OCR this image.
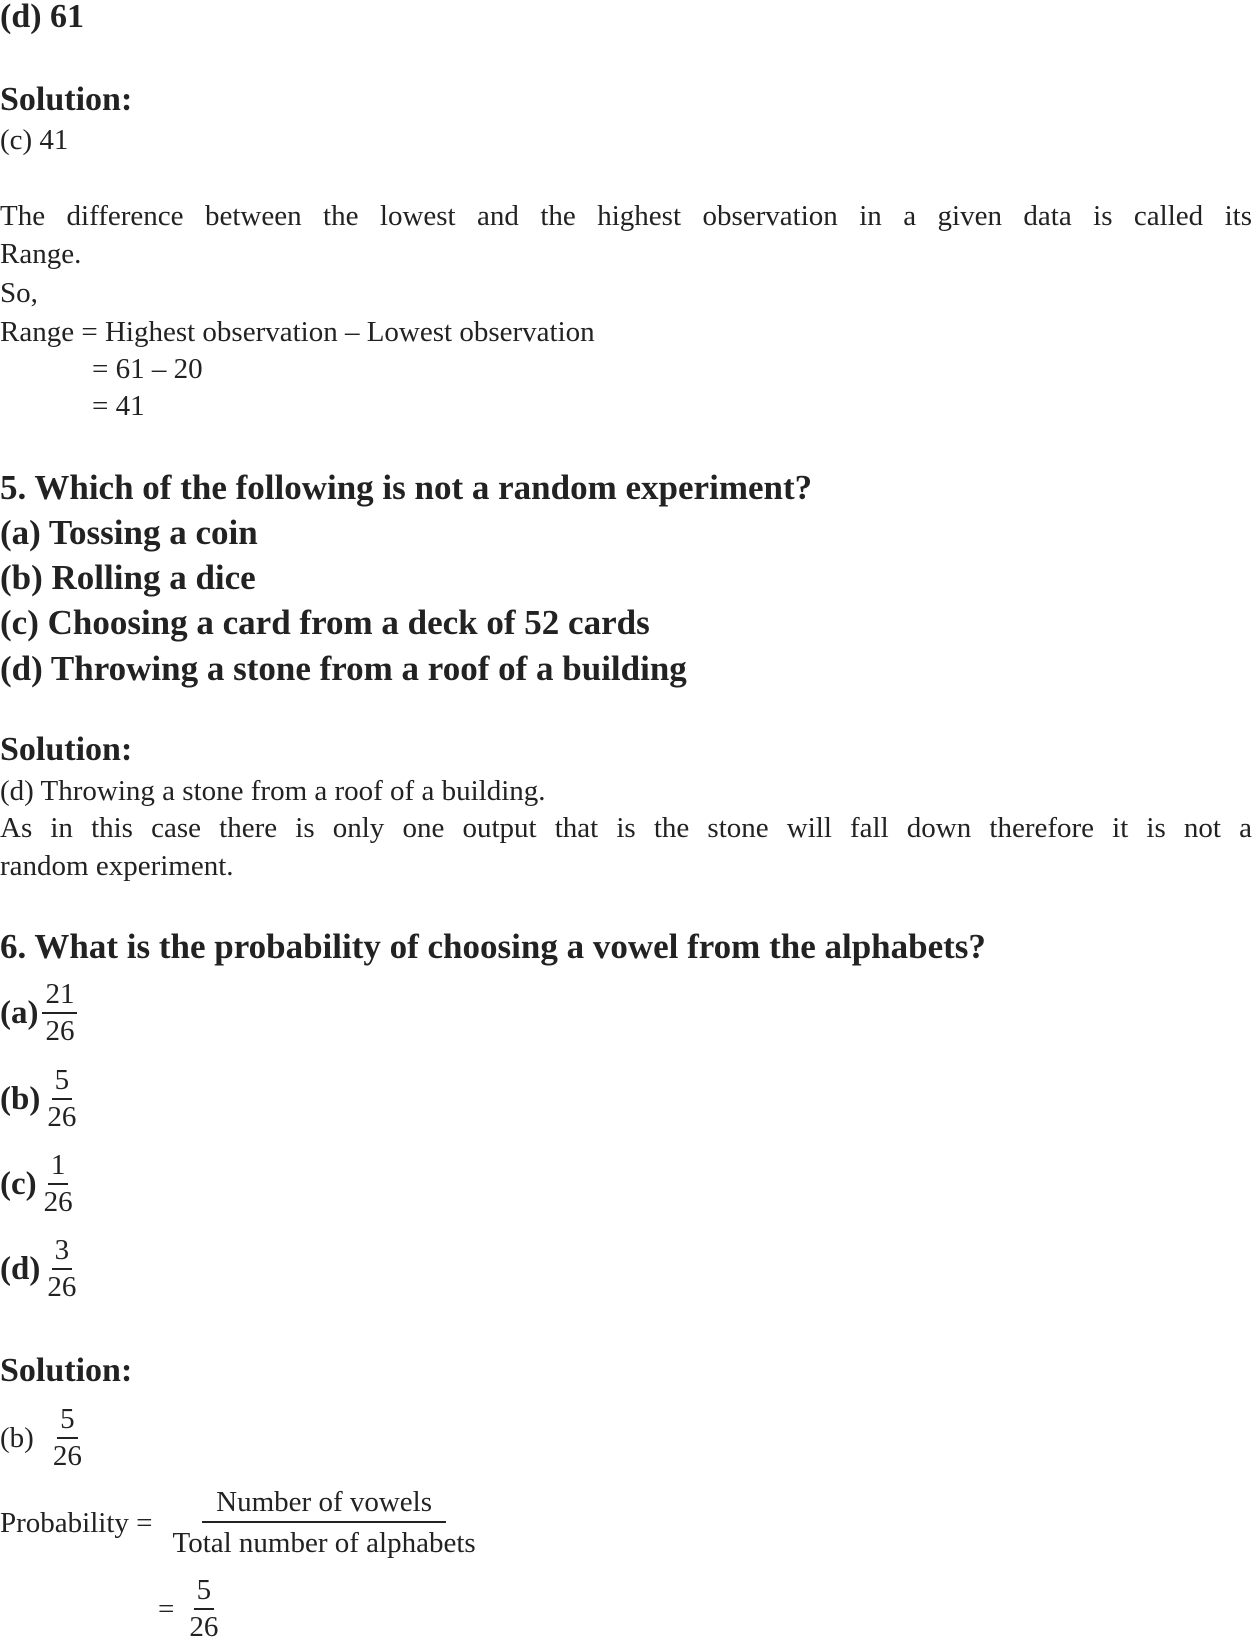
(d) 61
Solution:
(c) 41
The difference between the lowest and the highest observation in a given data is called its
Range.
So,
Range = Highest observation – Lowest observation
= 61 – 20
= 41
5. Which of the following is not a random experiment?
(a) Tossing a coin
(b) Rolling a dice
(c) Choosing a card from a deck of 52 cards
(d) Throwing a stone from a roof of a building
Solution:
(d) Throwing a stone from a roof of a building.
As in this case there is only one output that is the stone will fall down therefore it is not a
random experiment.
6. What is the probability of choosing a vowel from the alphabets?
$(a) \frac{21}{26}$
$(b) \frac{5}{26}$
$(c) \frac{1}{26}$
$(d) \frac{3}{26}$
Solution:
$(b) \frac{5}{26}$
Probability = $\frac{\text{Number of vowels}}{\text{Total number of alphabets}}$
= $\frac{5}{26}$
